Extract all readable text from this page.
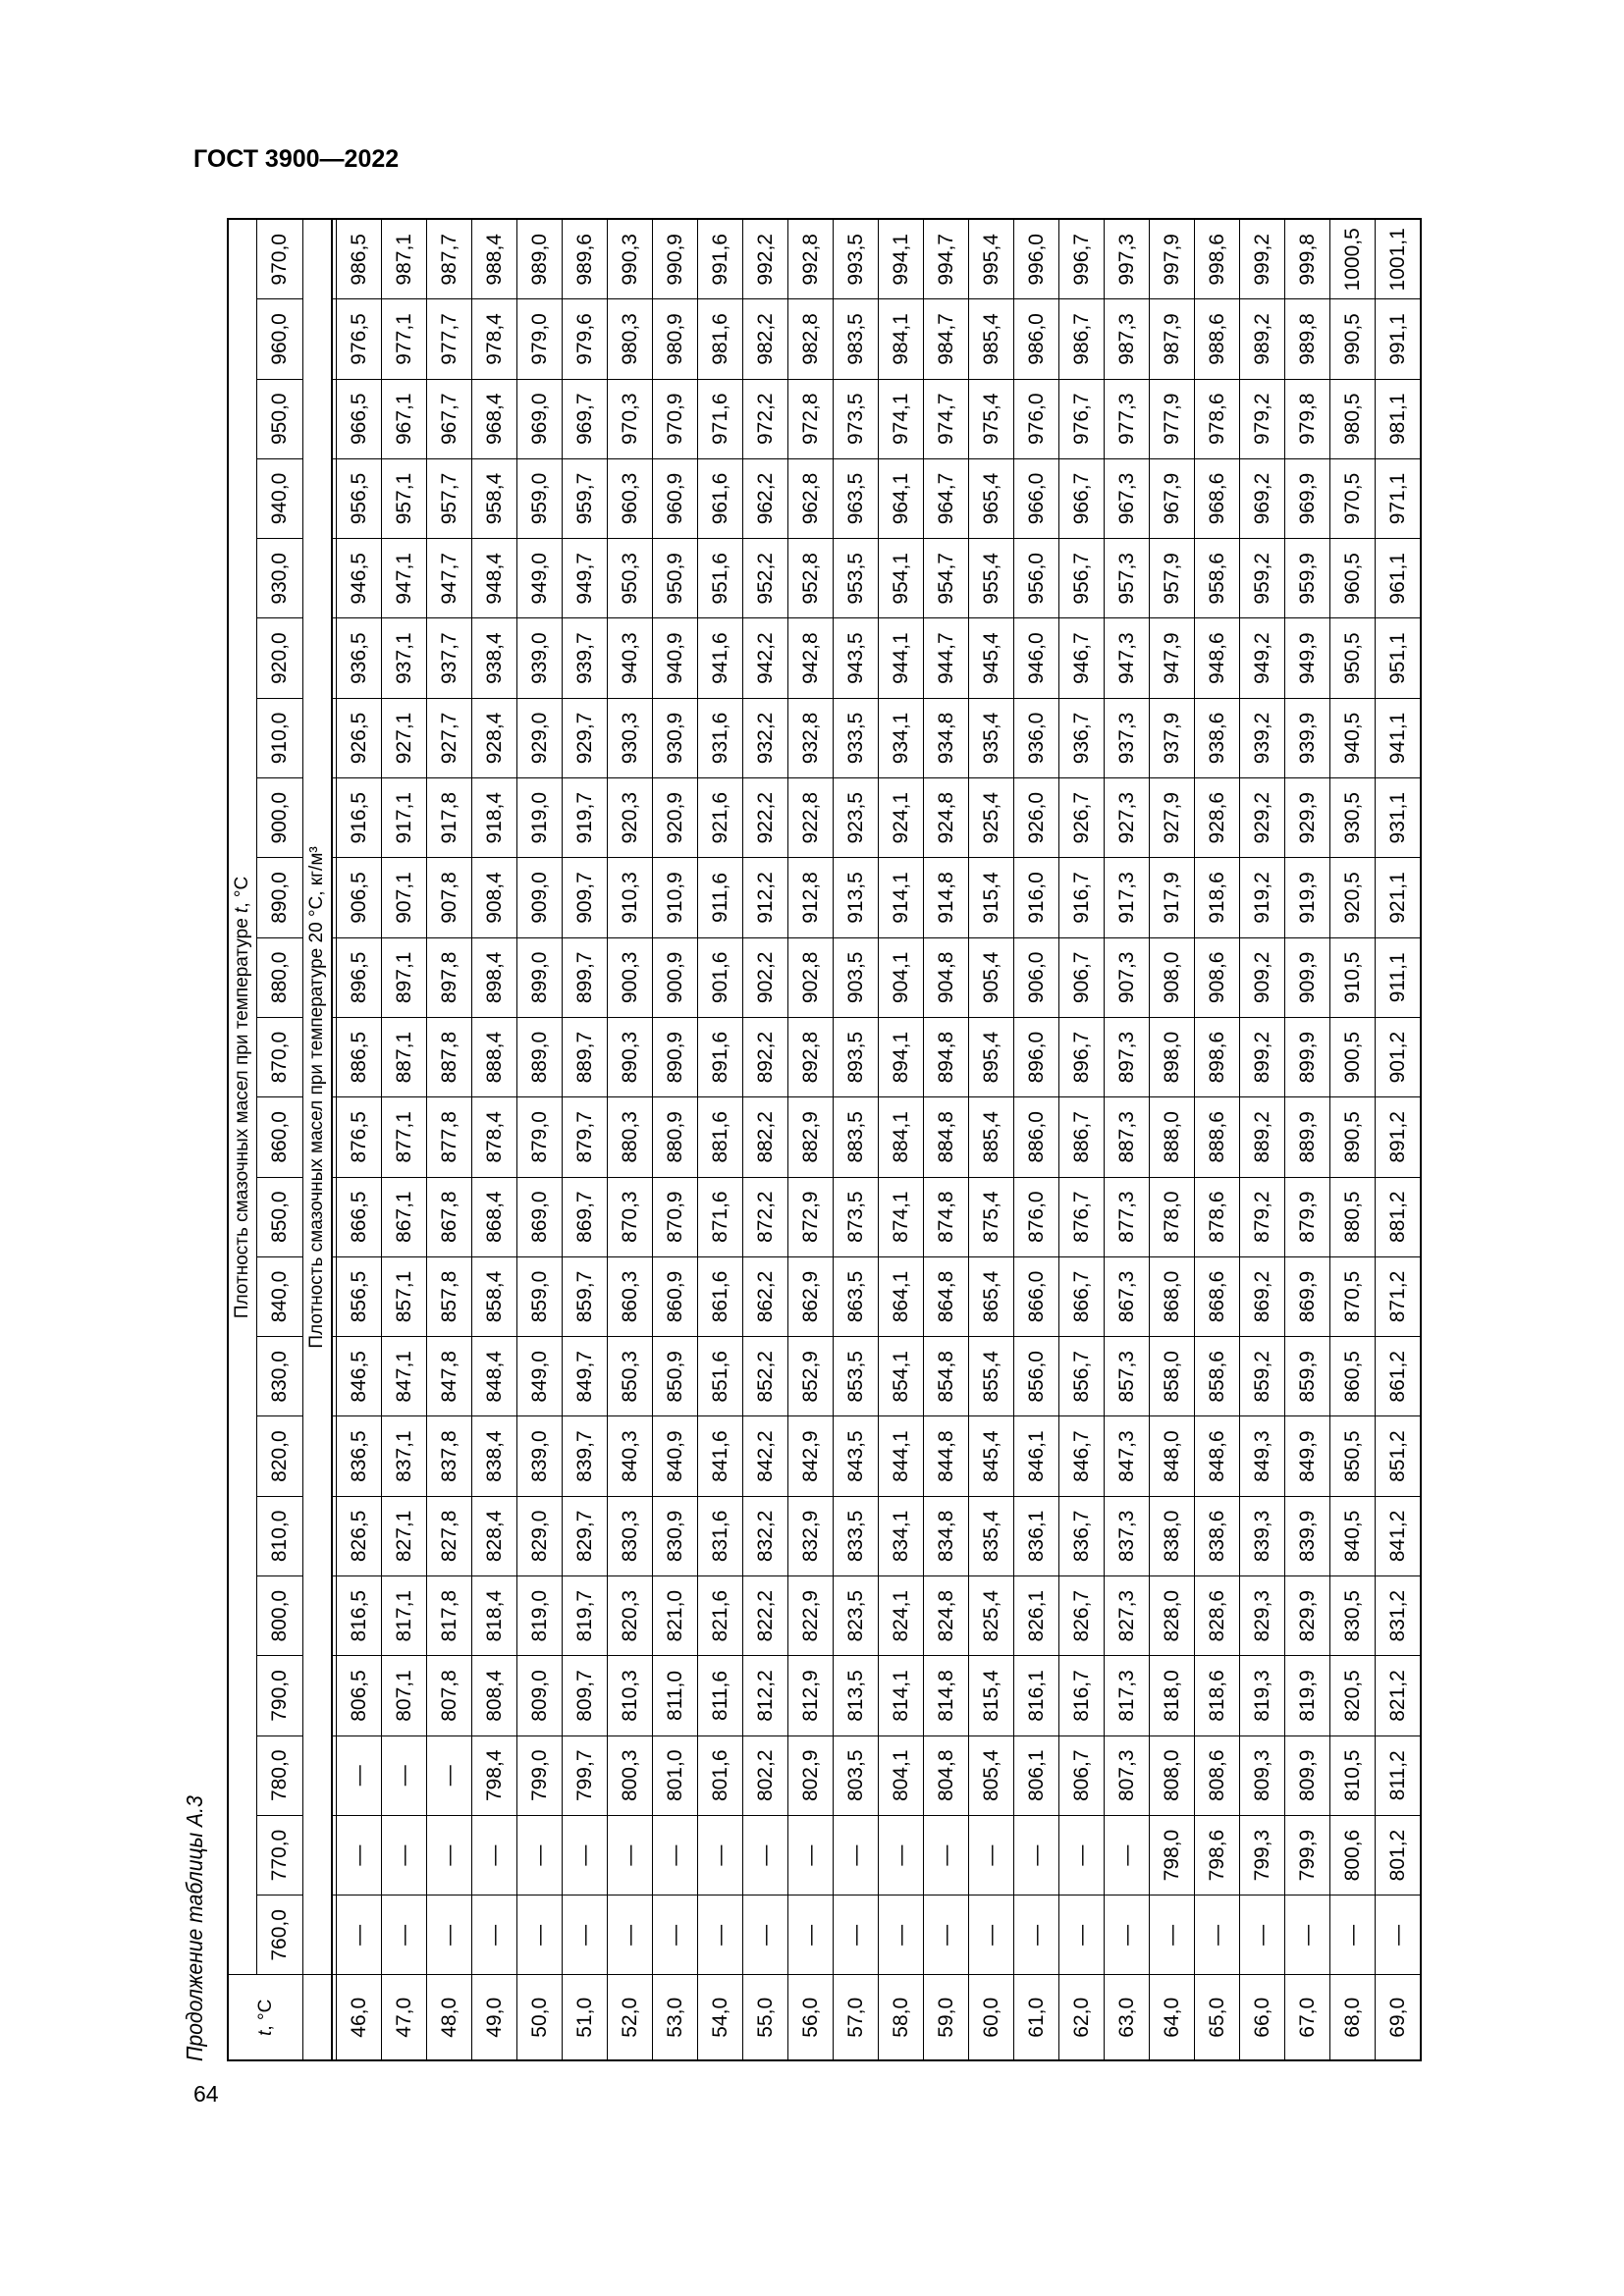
ГОСТ 3900—2022
64
Продолжение таблицы А.3	t, °C	Плотность смазочных масел при температуре t, °C																					
	760,0	770,0	780,0	790,0	800,0	810,0	820,0	830,0	840,0	850,0	860,0	870,0	880,0	890,0	900,0	910,0	920,0	930,0	940,0	950,0	960,0	970,0
	Плотность смазочных масел при температуре 20 °C, кг/м³																					

46,0	—	—	—	806,5	816,5	826,5	836,5	846,5	856,5	866,5	876,5	886,5	896,5	906,5	916,5	926,5	936,5	946,5	956,5	966,5	976,5	986,5
47,0	—	—	—	807,1	817,1	827,1	837,1	847,1	857,1	867,1	877,1	887,1	897,1	907,1	917,1	927,1	937,1	947,1	957,1	967,1	977,1	987,1
48,0	—	—	—	807,8	817,8	827,8	837,8	847,8	857,8	867,8	877,8	887,8	897,8	907,8	917,8	927,7	937,7	947,7	957,7	967,7	977,7	987,7
49,0	—	—	798,4	808,4	818,4	828,4	838,4	848,4	858,4	868,4	878,4	888,4	898,4	908,4	918,4	928,4	938,4	948,4	958,4	968,4	978,4	988,4
50,0	—	—	799,0	809,0	819,0	829,0	839,0	849,0	859,0	869,0	879,0	889,0	899,0	909,0	919,0	929,0	939,0	949,0	959,0	969,0	979,0	989,0
51,0	—	—	799,7	809,7	819,7	829,7	839,7	849,7	859,7	869,7	879,7	889,7	899,7	909,7	919,7	929,7	939,7	949,7	959,7	969,7	979,6	989,6
52,0	—	—	800,3	810,3	820,3	830,3	840,3	850,3	860,3	870,3	880,3	890,3	900,3	910,3	920,3	930,3	940,3	950,3	960,3	970,3	980,3	990,3
53,0	—	—	801,0	811,0	821,0	830,9	840,9	850,9	860,9	870,9	880,9	890,9	900,9	910,9	920,9	930,9	940,9	950,9	960,9	970,9	980,9	990,9
54,0	—	—	801,6	811,6	821,6	831,6	841,6	851,6	861,6	871,6	881,6	891,6	901,6	911,6	921,6	931,6	941,6	951,6	961,6	971,6	981,6	991,6
55,0	—	—	802,2	812,2	822,2	832,2	842,2	852,2	862,2	872,2	882,2	892,2	902,2	912,2	922,2	932,2	942,2	952,2	962,2	972,2	982,2	992,2
56,0	—	—	802,9	812,9	822,9	832,9	842,9	852,9	862,9	872,9	882,9	892,8	902,8	912,8	922,8	932,8	942,8	952,8	962,8	972,8	982,8	992,8
57,0	—	—	803,5	813,5	823,5	833,5	843,5	853,5	863,5	873,5	883,5	893,5	903,5	913,5	923,5	933,5	943,5	953,5	963,5	973,5	983,5	993,5
58,0	—	—	804,1	814,1	824,1	834,1	844,1	854,1	864,1	874,1	884,1	894,1	904,1	914,1	924,1	934,1	944,1	954,1	964,1	974,1	984,1	994,1
59,0	—	—	804,8	814,8	824,8	834,8	844,8	854,8	864,8	874,8	884,8	894,8	904,8	914,8	924,8	934,8	944,7	954,7	964,7	974,7	984,7	994,7
60,0	—	—	805,4	815,4	825,4	835,4	845,4	855,4	865,4	875,4	885,4	895,4	905,4	915,4	925,4	935,4	945,4	955,4	965,4	975,4	985,4	995,4
61,0	—	—	806,1	816,1	826,1	836,1	846,1	856,0	866,0	876,0	886,0	896,0	906,0	916,0	926,0	936,0	946,0	956,0	966,0	976,0	986,0	996,0
62,0	—	—	806,7	816,7	826,7	836,7	846,7	856,7	866,7	876,7	886,7	896,7	906,7	916,7	926,7	936,7	946,7	956,7	966,7	976,7	986,7	996,7
63,0	—	—	807,3	817,3	827,3	837,3	847,3	857,3	867,3	877,3	887,3	897,3	907,3	917,3	927,3	937,3	947,3	957,3	967,3	977,3	987,3	997,3
64,0	—	798,0	808,0	818,0	828,0	838,0	848,0	858,0	868,0	878,0	888,0	898,0	908,0	917,9	927,9	937,9	947,9	957,9	967,9	977,9	987,9	997,9
65,0	—	798,6	808,6	818,6	828,6	838,6	848,6	858,6	868,6	878,6	888,6	898,6	908,6	918,6	928,6	938,6	948,6	958,6	968,6	978,6	988,6	998,6
66,0	—	799,3	809,3	819,3	829,3	839,3	849,3	859,2	869,2	879,2	889,2	899,2	909,2	919,2	929,2	939,2	949,2	959,2	969,2	979,2	989,2	999,2
67,0	—	799,9	809,9	819,9	829,9	839,9	849,9	859,9	869,9	879,9	889,9	899,9	909,9	919,9	929,9	939,9	949,9	959,9	969,9	979,8	989,8	999,8
68,0	—	800,6	810,5	820,5	830,5	840,5	850,5	860,5	870,5	880,5	890,5	900,5	910,5	920,5	930,5	940,5	950,5	960,5	970,5	980,5	990,5	1000,5
69,0	—	801,2	811,2	821,2	831,2	841,2	851,2	861,2	871,2	881,2	891,2	901,2	911,1	921,1	931,1	941,1	951,1	961,1	971,1	981,1	991,1	1001,1
